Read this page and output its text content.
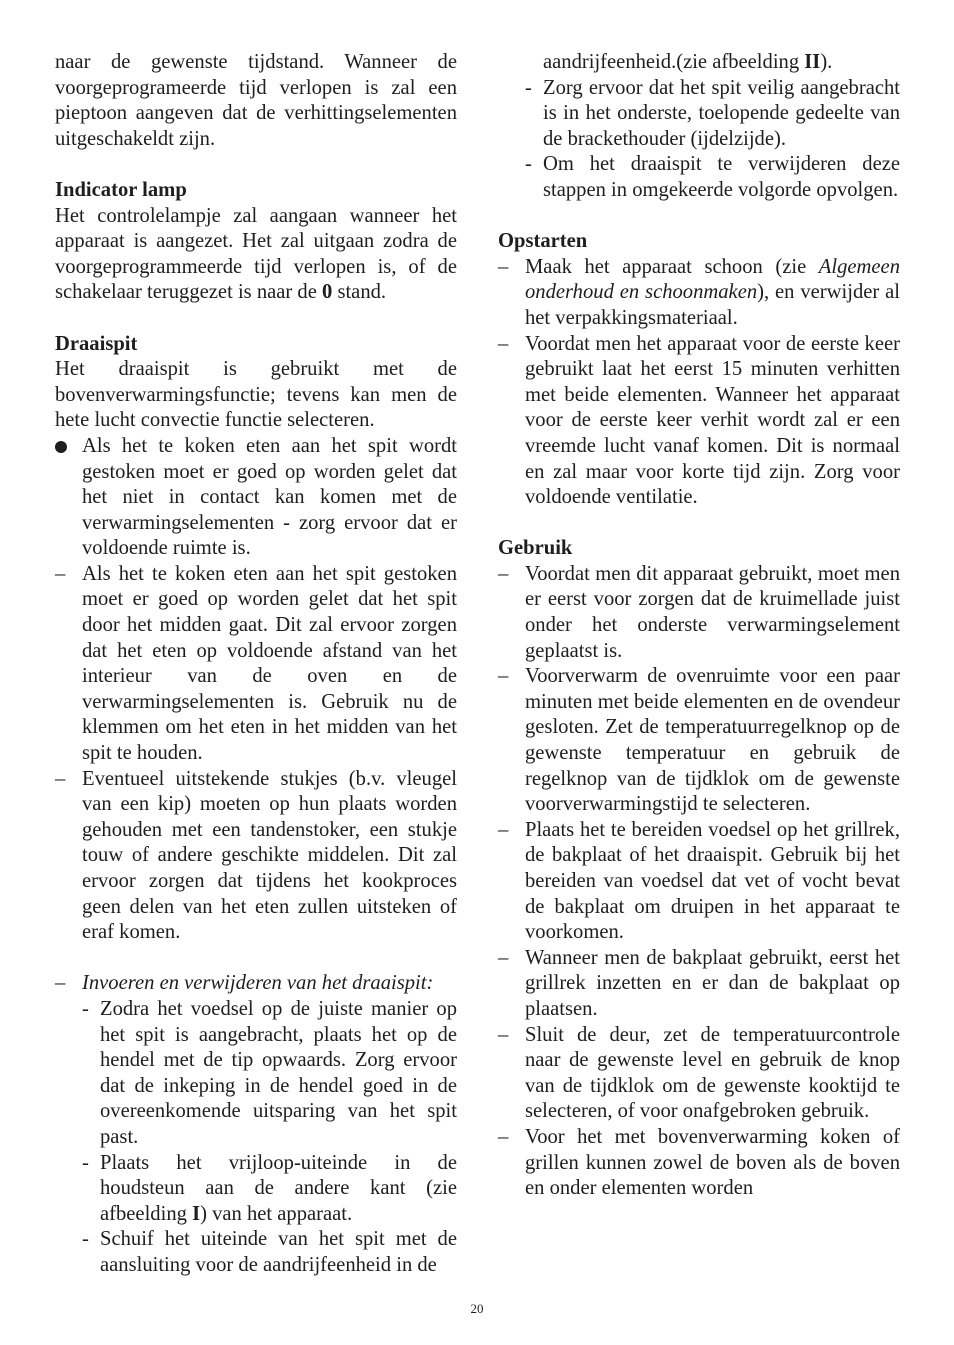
naar de gewenste tijdstand. Wanneer de voorgeprogrameerde tijd verlopen is zal een pieptoon aangeven dat de verhittingselementen uitgeschakeldt zijn.

Indicator lamp

Het controlelampje zal aangaan wanneer het apparaat is aangezet. Het zal uitgaan zodra de voorgeprogrammeerde tijd verlopen is, of de schakelaar teruggezet is naar de 0 stand.

Draaispit

Het draaispit is gebruikt met de bovenverwarmingsfunctie; tevens kan men de hete lucht convectie functie selecteren.

Als het te koken eten aan het spit wordt gestoken moet er goed op worden gelet dat het niet in contact kan komen met de verwarmingselementen - zorg ervoor dat er voldoende ruimte is.
– Als het te koken eten aan het spit gestoken moet er goed op worden gelet dat het spit door het midden gaat. Dit zal ervoor zorgen dat het eten op voldoende afstand van het interieur van de oven en de verwarmingselementen is. Gebruik nu de klemmen om het eten in het midden van het spit te houden.
– Eventueel uitstekende stukjes (b.v. vleugel van een kip) moeten op hun plaats worden gehouden met een tandenstoker, een stukje touw of andere geschikte middelen. Dit zal ervoor zorgen dat tijdens het kookproces geen delen van het eten zullen uitsteken of eraf komen.
– Invoeren en verwijderen van het draaispit:
- Zodra het voedsel op de juiste manier op het spit is aangebracht, plaats het op de hendel met de tip opwaards. Zorg ervoor dat de inkeping in de hendel goed in de overeenkomende uitsparing van het spit past.
- Plaats het vrijloop-uiteinde in de houdsteun aan de andere kant (zie afbeelding I) van het apparaat.
- Schuif het uiteinde van het spit met de aansluiting voor de aandrijfeenheid in de
aandrijfeenheid.(zie afbeelding II).
- Zorg ervoor dat het spit veilig aangebracht is in het onderste, toelopende gedeelte van de brackethouder (ijdelzijde).
- Om het draaispit te verwijderen deze stappen in omgekeerde volgorde opvolgen.
Opstarten
– Maak het apparaat schoon (zie Algemeen onderhoud en schoonmaken), en verwijder al het verpakkingsmateriaal.
– Voordat men het apparaat voor de eerste keer gebruikt laat het eerst 15 minuten verhitten met beide elementen. Wanneer het apparaat voor de eerste keer verhit wordt zal er een vreemde lucht vanaf komen. Dit is normaal en zal maar voor korte tijd zijn. Zorg voor voldoende ventilatie.
Gebruik
– Voordat men dit apparaat gebruikt, moet men er eerst voor zorgen dat de kruimellade juist onder het onderste verwarmingselement geplaatst is.
– Voorverwarm de ovenruimte voor een paar minuten met beide elementen en de ovendeur gesloten. Zet de temperatuurregelknop op de gewenste temperatuur en gebruik de regelknop van de tijdklok om de gewenste voorverwarmingstijd te selecteren.
– Plaats het te bereiden voedsel op het grillrek, de bakplaat of het draaispit. Gebruik bij het bereiden van voedsel dat vet of vocht bevat de bakplaat om druipen in het apparaat te voorkomen.
– Wanneer men de bakplaat gebruikt, eerst het grillrek inzetten en er dan de bakplaat op plaatsen.
– Sluit de deur, zet de temperatuurcontrole naar de gewenste level en gebruik de knop van de tijdklok om de gewenste kooktijd te selecteren, of voor onafgebroken gebruik.
– Voor het met bovenverwarming koken of grillen kunnen zowel de boven als de boven en onder elementen worden
20
